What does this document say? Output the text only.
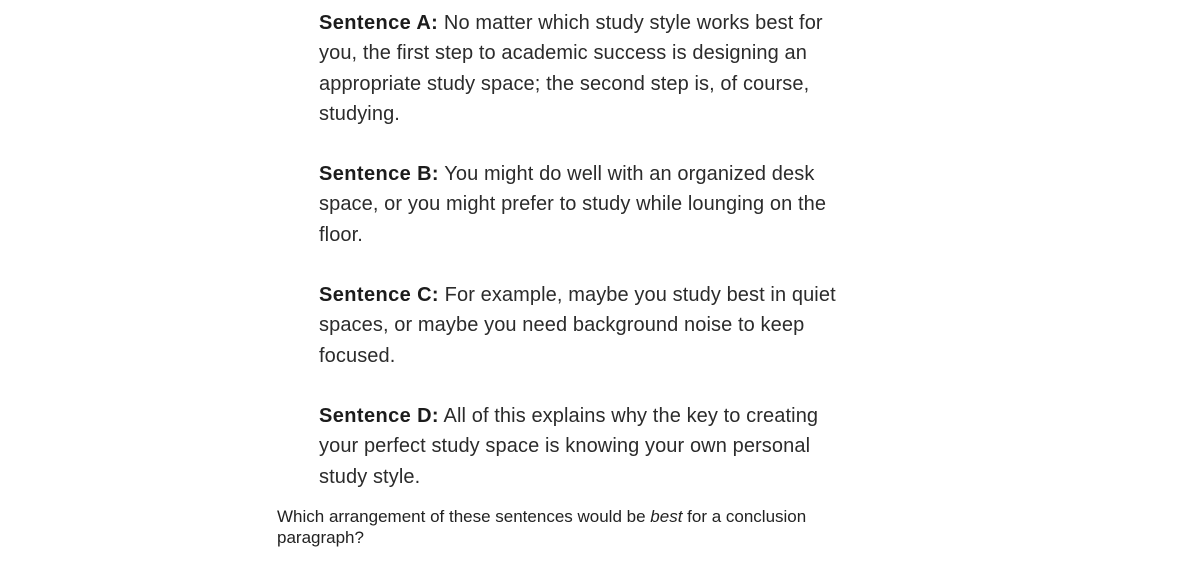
Sentence A: No matter which study style works best for you, the first step to academic success is designing an appropriate study space; the second step is, of course, studying.

Sentence B: You might do well with an organized desk space, or you might prefer to study while lounging on the floor.

Sentence C: For example, maybe you study best in quiet spaces, or maybe you need background noise to keep focused.

Sentence D: All of this explains why the key to creating your perfect study space is knowing your own personal study style.

Which arrangement of these sentences would be best for a conclusion paragraph?
